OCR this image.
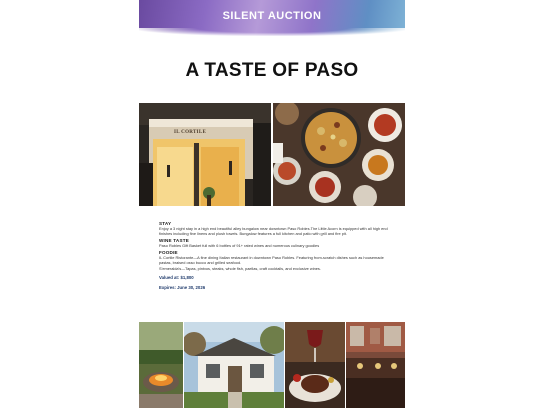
SILENT AUCTION
A TASTE OF PASO
IL CORTILE
STAY
Enjoy a 3 night stay in a high end beautiful alley bungalow near downtown Paso Robles.The Little Acorn is equipped with all high end finishes including fine linens and plush towels. Bungalow features a full kitchen and patio with grill and fire pit.
WINE TASTE
Paso Robles Gift Basket full with 6 bottles of 91+ rated wines and numerous culinary goodies
FOODIE
IL Cortile Ristorante—A fine dining Italian restaurant in downtown Paso Robles. Featuring from-scratch dishes such as housemade pastas, braised osso bucco and grilled seafood.
S'emeralda's—Tapas, pintxos, steaks, whole fish, paellas, craft cocktails, and exclusive wines.
Valued at: $1,800
Expires: June 30, 2026
